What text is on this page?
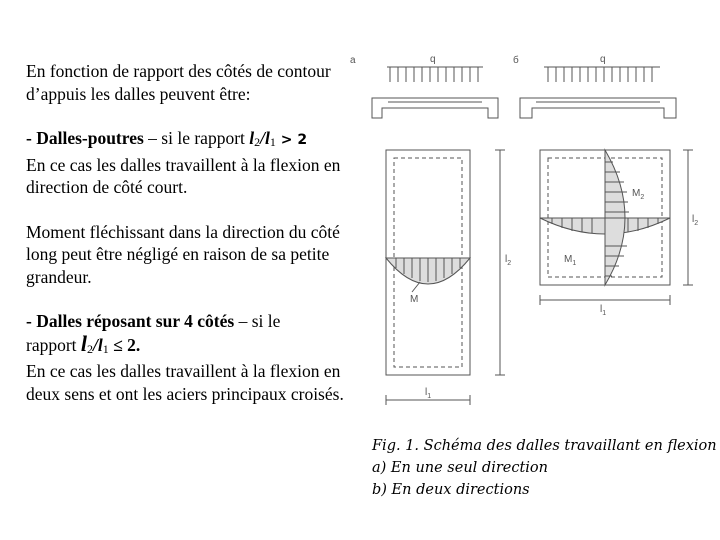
En fonction de rapport des côtés de contour d’appuis les dalles peuvent être:

- Dalles-poutres – si le rapport l2/l1 > 2

En ce cas les dalles travaillent à la flexion en direction de côté court.

Moment fléchissant dans la direction du côté long peut être négligé en raison de sa petite grandeur.

- Dalles réposant sur 4 côtés – si le

rapport l2/l1 ≤ 2.

En ce cas les dalles travaillent à la flexion en deux sens et ont les aciers principaux croisés.

a	q
M
$l_2$
$l_1$
б	q
$M_1$
$M_2$
$l_2$
$l_1$
Fig. 1. Schéma des dalles travaillant en flexion
a) En une seul direction
b) En deux directions
